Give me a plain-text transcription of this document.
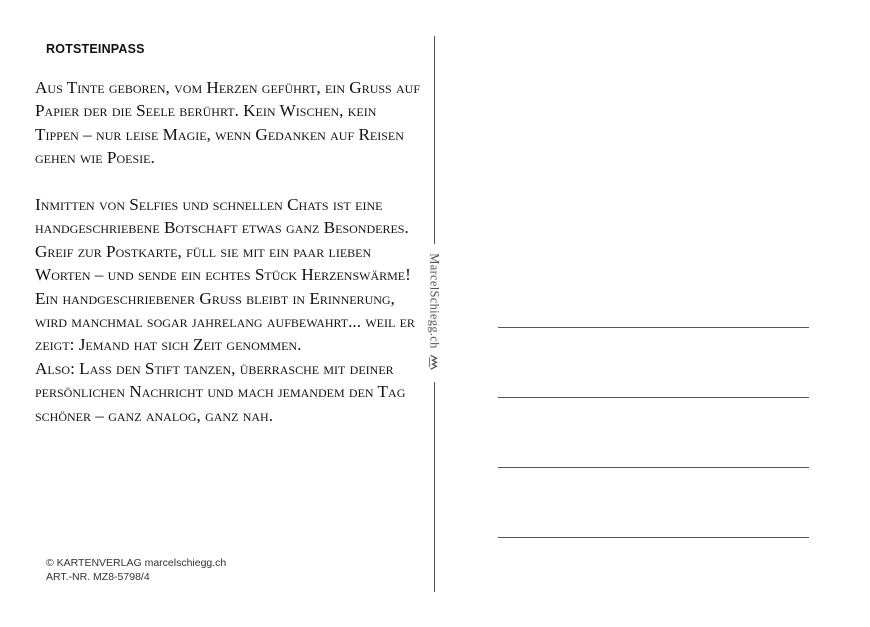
ROTSTEINPASS

Aus Tinte geboren, vom Herzen geführt, ein Gruss auf Papier der die Seele berührt. Kein Wischen, kein Tippen – nur leise Magie, wenn Gedanken auf Reisen gehen wie Poesie.

Inmitten von Selfies und schnellen Chats ist eine handgeschriebene Botschaft etwas ganz Besonderes. Greif zur Postkarte, füll sie mit ein paar lieben Worten – und sende ein echtes Stück Herzenswärme! Ein handgeschriebener Gruss bleibt in Erinnerung, wird manchmal sogar jahrelang aufbewahrt... weil er zeigt: Jemand hat sich Zeit genommen.

Also: Lass den Stift tanzen, überrasche mit deiner persönlichen Nachricht und mach jemandem den Tag schöner – ganz analog, ganz nah.

© KARTENVERLAG marcelschiegg.ch
ART.-NR. MZ8-5798/4
MarcelSchiegg.ch
